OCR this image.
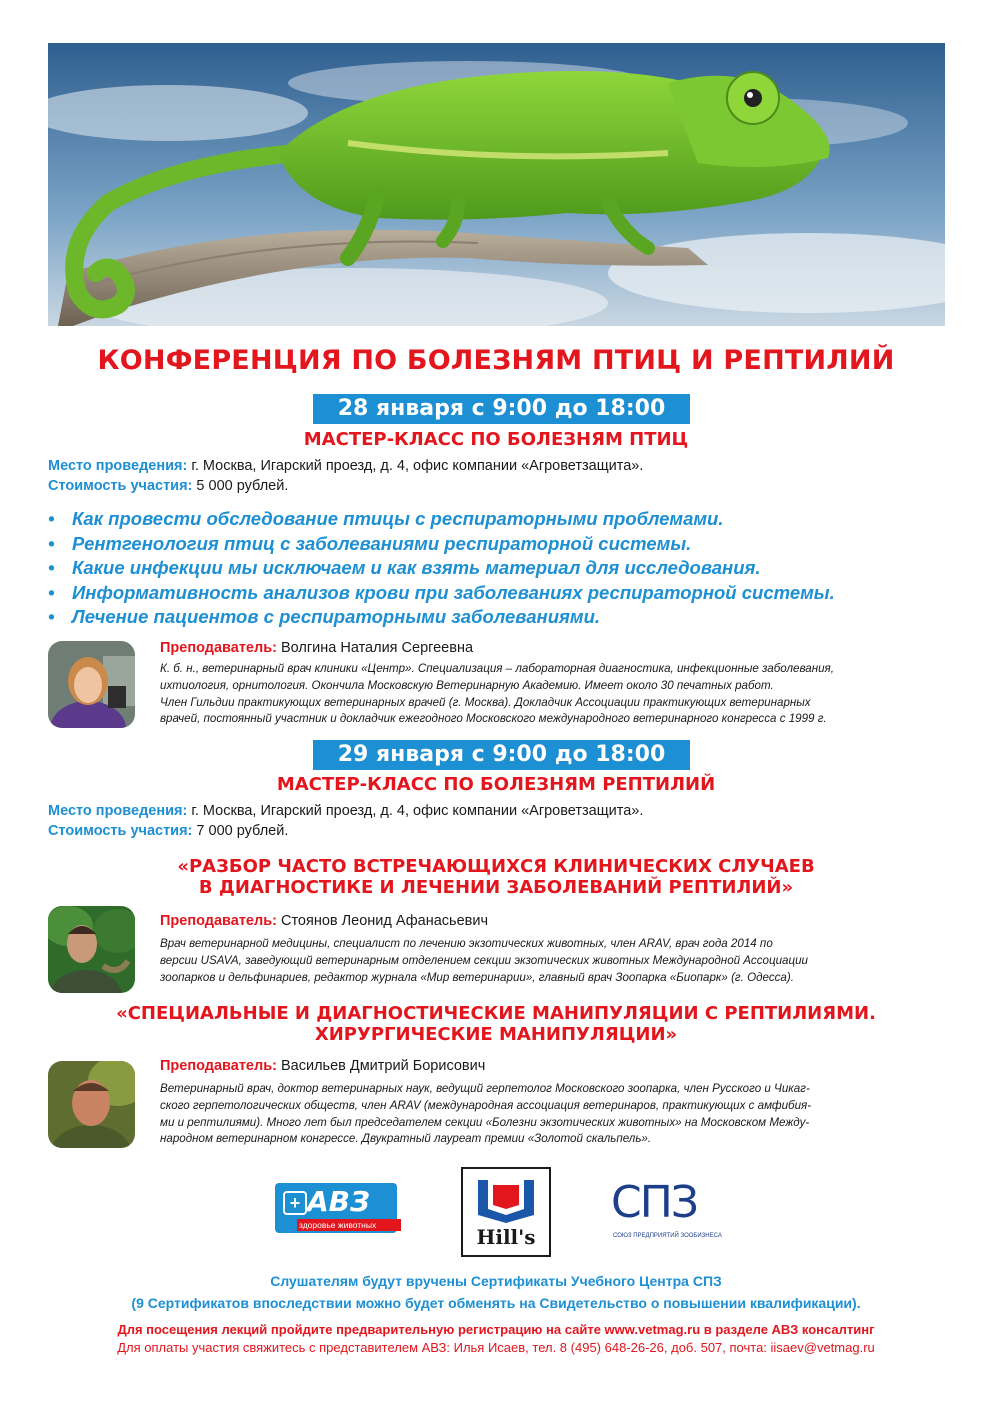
КОНФЕРЕНЦИЯ ПО БОЛЕЗНЯМ ПТИЦ И РЕПТИЛИЙ
28 января с 9:00 до 18:00
МАСТЕР-КЛАСС ПО БОЛЕЗНЯМ ПТИЦ
Место проведения: г. Москва, Игарский проезд, д. 4, офис компании «Агроветзащита».
Стоимость участия: 5 000 рублей.
• Как провести обследование птицы с респираторными проблемами.
• Рентгенология птиц с заболеваниями респираторной системы.
• Какие инфекции мы исключаем и как взять материал для исследования.
• Информативность анализов крови при заболеваниях респираторной системы.
• Лечение пациентов с респираторными заболеваниями.
Преподаватель: Волгина Наталия Сергеевна
К. б. н., ветеринарный врач клиники «Центр». Специализация – лабораторная диагностика, инфекционные заболевания,
ихтиология, орнитология. Окончила Московскую Ветеринарную Академию. Имеет около 30 печатных работ.
Член Гильдии практикующих ветеринарных врачей (г. Москва). Докладчик Ассоциации практикующих ветеринарных
врачей, постоянный участник и докладчик ежегодного Московского международного ветеринарного конгресса с 1999 г.
29 января с 9:00 до 18:00
МАСТЕР-КЛАСС ПО БОЛЕЗНЯМ РЕПТИЛИЙ
Место проведения: г. Москва, Игарский проезд, д. 4, офис компании «Агроветзащита».
Стоимость участия: 7 000 рублей.
«РАЗБОР ЧАСТО ВСТРЕЧАЮЩИХСЯ КЛИНИЧЕСКИХ СЛУЧАЕВ
В ДИАГНОСТИКЕ И ЛЕЧЕНИИ ЗАБОЛЕВАНИЙ РЕПТИЛИЙ»
Преподаватель: Стоянов Леонид Афанасьевич
Врач ветеринарной медицины, специалист по лечению экзотических животных, член ARAV, врач года 2014 по
версии USAVA, заведующий ветеринарным отделением секции экзотических животных Международной Ассоциации
зоопарков и дельфинариев, редактор журнала «Мир ветеринарии», главный врач Зоопарка «Биопарк» (г. Одесса).
«СПЕЦИАЛЬНЫЕ И ДИАГНОСТИЧЕСКИЕ МАНИПУЛЯЦИИ С РЕПТИЛИЯМИ.
ХИРУРГИЧЕСКИЕ МАНИПУЛЯЦИИ»
Преподаватель: Васильев Дмитрий Борисович
Ветеринарный врач, доктор ветеринарных наук, ведущий герпетолог Московского зоопарка, член Русского и Чикаг-
ского герпетологических обществ, член ARAV (международная ассоциация ветеринаров, практикующих с амфибия-
ми и рептилиями). Много лет был председателем секции «Болезни экзотических животных» на Московском Между-
народном ветеринарном конгрессе. Двукратный лауреат премии «Золотой скальпель».
+ АВЗ
здоровье животных	Hill's
СПЗ
СОЮЗ ПРЕДПРИЯТИЙ ЗООБИЗНЕСА
Слушателям будут вручены Сертификаты Учебного Центра СПЗ
(9 Сертификатов впоследствии можно будет обменять на Свидетельство о повышении квалификации).
Для посещения лекций пройдите предварительную регистрацию на сайте www.vetmag.ru в разделе АВЗ консалтинг
Для оплаты участия свяжитесь с представителем АВЗ: Илья Исаев, тел. 8 (495) 648-26-26, доб. 507, почта: iisaev@vetmag.ru
